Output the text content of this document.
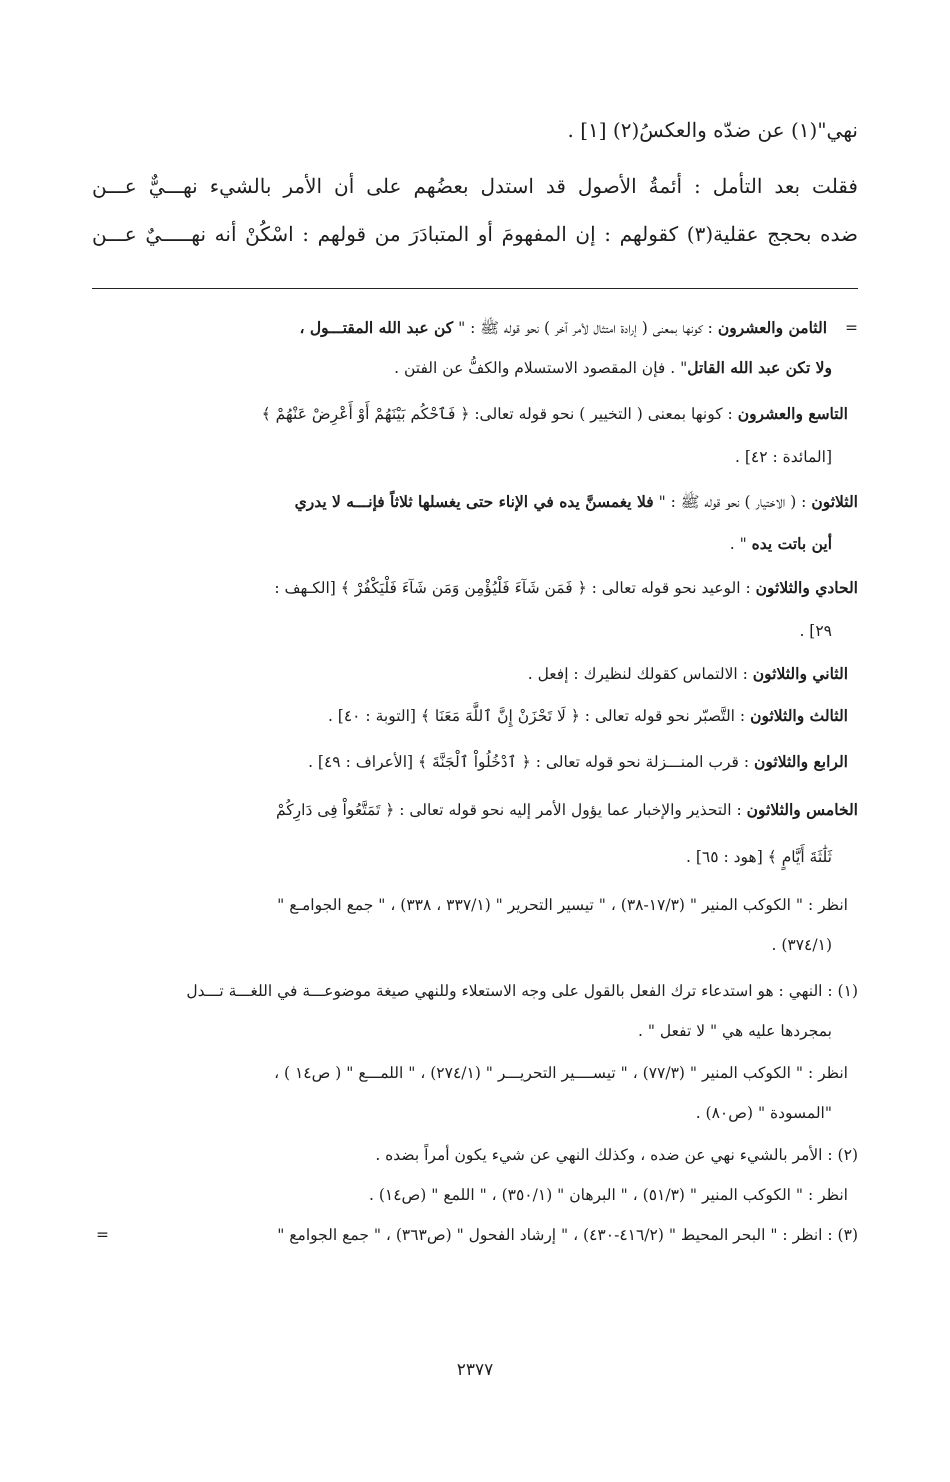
نهي"(١) عن ضدّه والعكسُ(٢) [١] .
فقلت بعد التأمل : أئمةُ الأصول قد استدل بعضُهم على أن الأمر بالشيء نهـــيٌّ عـــن
ضده بحجج عقلية(٣) كقولهم : إن المفهومَ أو المتبادَرَ من قولهم : اسْكُنْ أنه نهـــــيٌ عـــن
=الثامن والعشرون : كونها بمعنى ( إرادة امتثال لأمر آخر ) نحو قوله ﷺ : " كن عبد الله المقتـــول ،
ولا تكن عبد الله القاتل" . فإن المقصود الاستسلام والكفُّ عن الفتن .
التاسع والعشرون : كونها بمعنى ( التخيير ) نحو قوله تعالى: ﴿ فَٱحْكُم بَيْنَهُمْ أَوْ أَعْرِضْ عَنْهُمْ ﴾
[المائدة : ٤٢] .
الثلاثون : ( الاختيار ) نحو قوله ﷺ : " فلا يغمسنَّ يده في الإناء حتى يغسلها ثلاثاً فإنـــه لا يدري
أين باتت يده " .
الحادي والثلاثون : الوعيد نحو قوله تعالى : ﴿ فَمَن شَآءَ فَلْيُؤْمِن وَمَن شَآءَ فَلْيَكْفُرْ ﴾ [الكـهف :
٢٩] .
الثاني والثلاثون : الالتماس كقولك لنظيرك : إفعل .
الثالث والثلاثون : التَّصبّر نحو قوله تعالى : ﴿ لَا تَحْزَنْ إِنَّ ٱللَّهَ مَعَنَا ﴾ [التوبة : ٤٠] .
الرابع والثلاثون : قرب المنـــزلة نحو قوله تعالى : ﴿ ٱدْخُلُواْ ٱلْجَنَّةَ ﴾ [الأعراف : ٤٩] .
الخامس والثلاثون : التحذير والإخبار عما يؤول الأمر إليه نحو قوله تعالى : ﴿ تَمَتَّعُواْ فِى دَارِكُمْ
ثَلَٰثَةَ أَيَّامٍ ﴾ [هود : ٦٥] .
انظر : " الكوكب المنير " (١٧/٣-٣٨) ، " تيسير التحرير " (٣٣٧/١ ، ٣٣٨) ، " جمع الجوامـع "
(٣٧٤/١) .
(١) : النهي : هو استدعاء ترك الفعل بالقول على وجه الاستعلاء وللنهي صيغة موضوعـــة في اللغـــة تـــدل
بمجردها عليه هي " لا تفعل " .
انظر : " الكوكب المنير " (٧٧/٣) ، " تيســــير التحريـــر " (٢٧٤/١) ، " اللمـــع " ( ص١٤ ) ،
"المسودة " (ص٨٠) .
(٢) : الأمر بالشيء نهي عن ضده ، وكذلك النهي عن شيء يكون أمراً بضده .
انظر : " الكوكب المنير " (٥١/٣) ، " البرهان " (٣٥٠/١) ، " اللمع " (ص١٤) .
(٣) : انظر : " البحر المحيط " (٤١٦/٢-٤٣٠) ، " إرشاد الفحول " (ص٣٦٣) ، " جمع الجوامع "
=
٢٣٧٧
